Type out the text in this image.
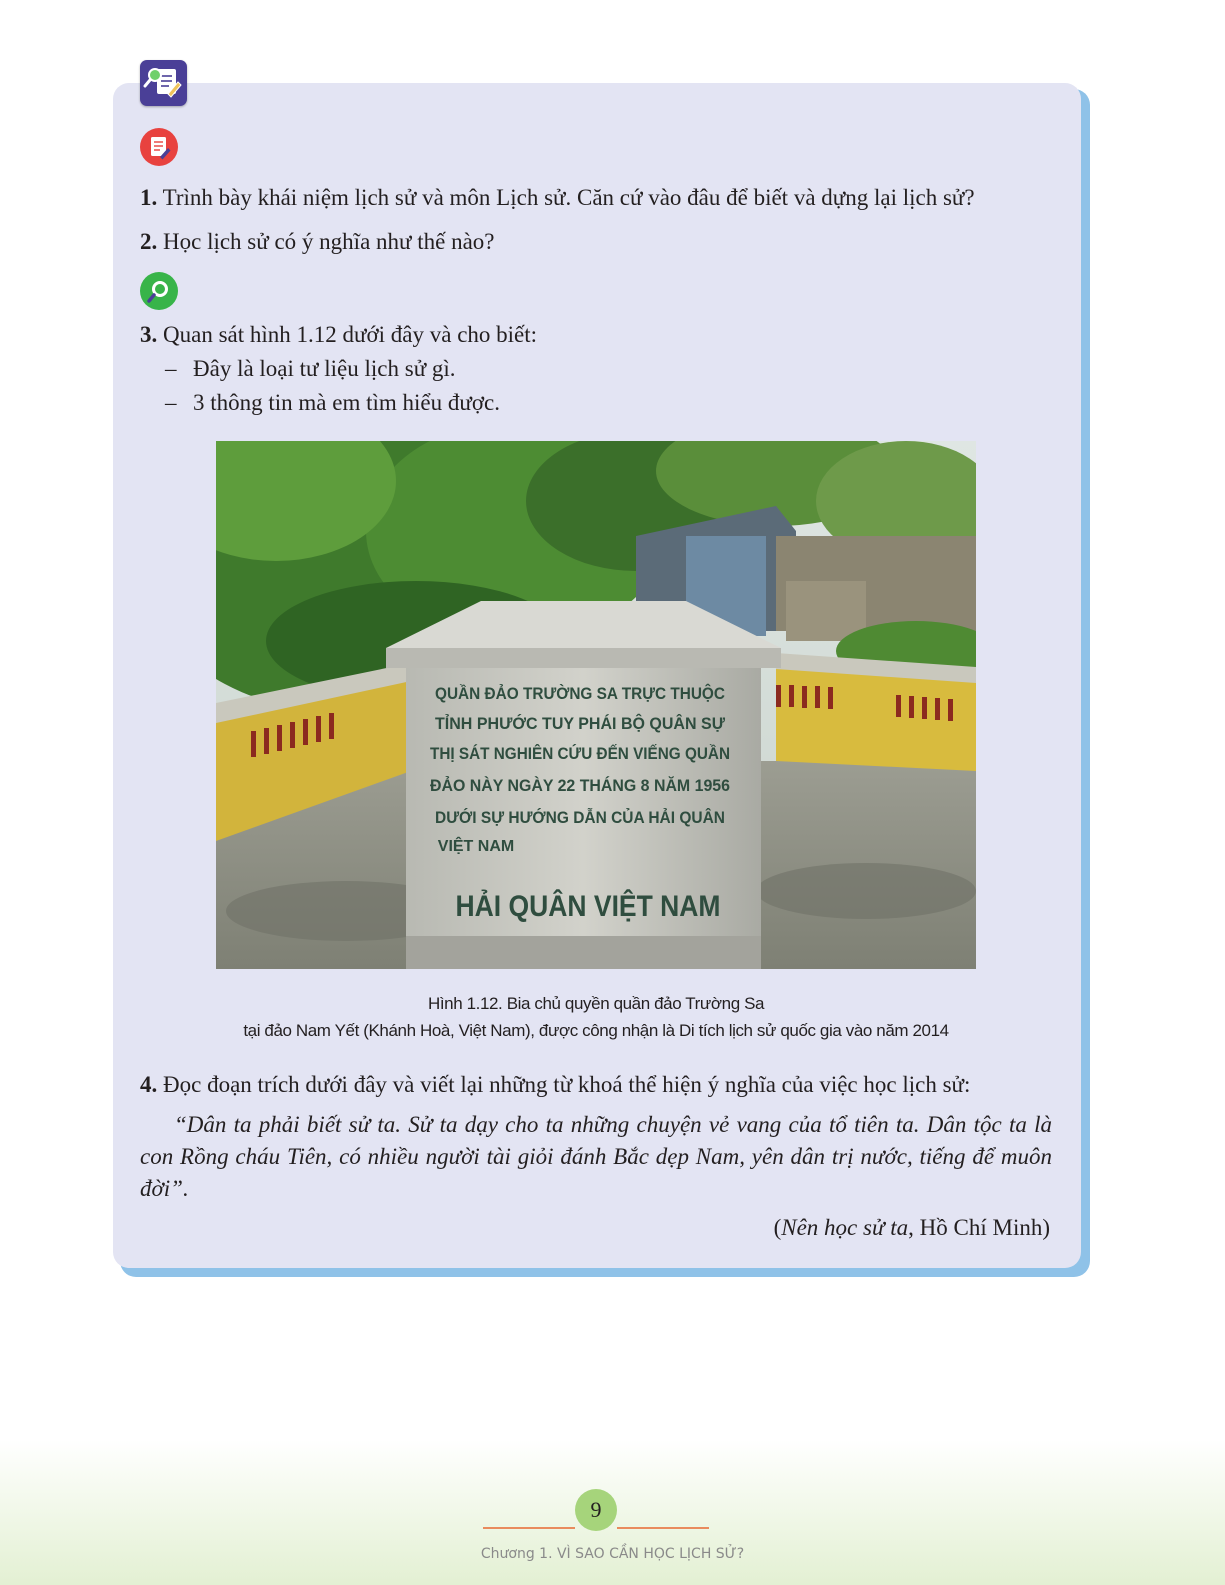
1. Trình bày khái niệm lịch sử và môn Lịch sử. Căn cứ vào đâu để biết và dựng lại lịch sử?
2. Học lịch sử có ý nghĩa như thế nào?
3. Quan sát hình 1.12 dưới đây và cho biết:
– Đây là loại tư liệu lịch sử gì.
– 3 thông tin mà em tìm hiểu được.
QUẦN ĐẢO TRƯỜNG SA TRỰC THUỘC
TỈNH PHƯỚC TUY PHÁI BỘ QUÂN SỰ
THỊ SÁT NGHIÊN CỨU ĐẾN VIẾNG QUẦN
ĐẢO NÀY NGÀY 22 THÁNG 8 NĂM 1956
DƯỚI SỰ HƯỚNG DẪN CỦA HẢI QUÂN
VIỆT NAM
HẢI QUÂN VIỆT NAM
Hình 1.12. Bia chủ quyền quần đảo Trường Sa
tại đảo Nam Yết (Khánh Hoà, Việt Nam), được công nhận là Di tích lịch sử quốc gia vào năm 2014
4. Đọc đoạn trích dưới đây và viết lại những từ khoá thể hiện ý nghĩa của việc học lịch sử:
“Dân ta phải biết sử ta. Sử ta dạy cho ta những chuyện vẻ vang của tổ tiên ta. Dân tộc ta là con Rồng cháu Tiên, có nhiều người tài giỏi đánh Bắc dẹp Nam, yên dân trị nước, tiếng để muôn đời”.
(Nên học sử ta, Hồ Chí Minh)
9
Chương 1. VÌ SAO CẦN HỌC LỊCH SỬ?
